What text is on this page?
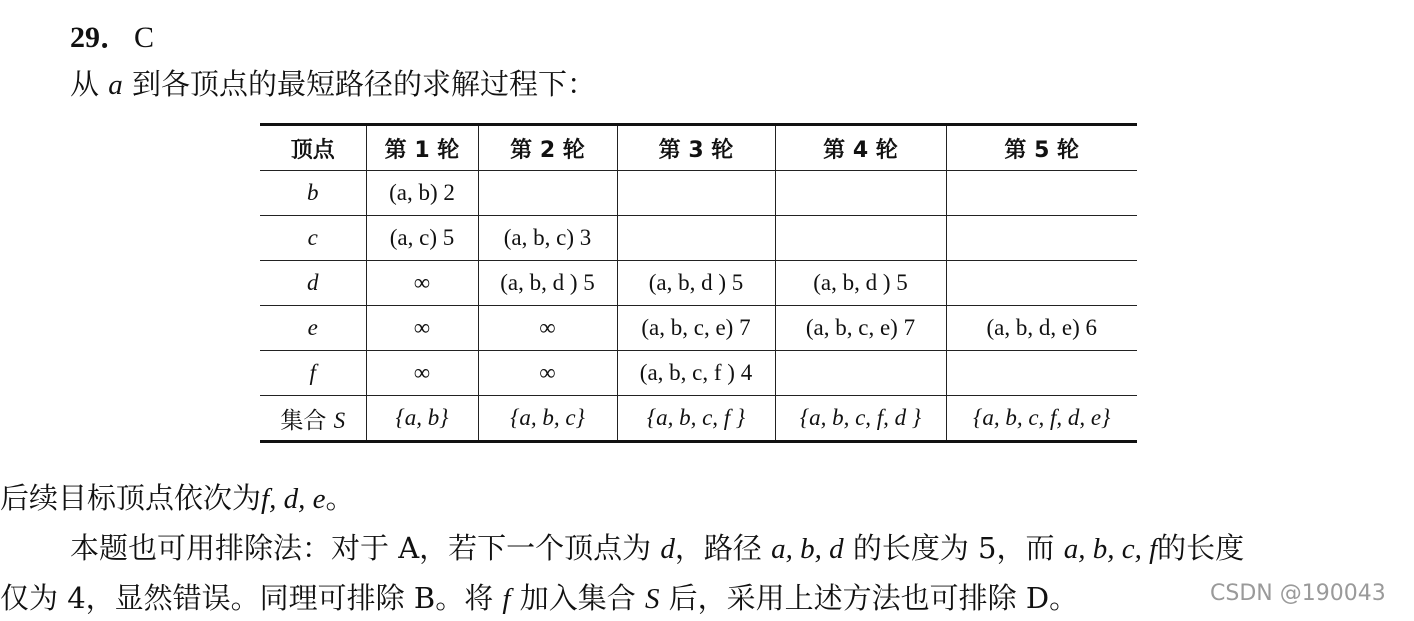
29． C
从 a 到各顶点的最短路径的求解过程下：
顶点	第 1 轮	第 2 轮	第 3 轮	第 4 轮	第 5 轮
b	(a, b) 2				
c	(a, c) 5	(a, b, c) 3			
d	∞	(a, b, d ) 5	(a, b, d ) 5	(a, b, d ) 5	
e	∞	∞	(a, b, c, e) 7	(a, b, c, e) 7	(a, b, d, e) 6
f	∞	∞	(a, b, c, f ) 4		
集合 S	{a, b}	{a, b, c}	{a, b, c, f }	{a, b, c, f, d }	{a, b, c, f, d, e}
后续目标顶点依次为f, d, e。
本题也可用排除法：对于 A，若下一个顶点为 d，路径 a, b, d 的长度为 5，而 a, b, c, f的长度
仅为 4，显然错误。同理可排除 B。将 f 加入集合 S 后，采用上述方法也可排除 D。	CSDN @190043
